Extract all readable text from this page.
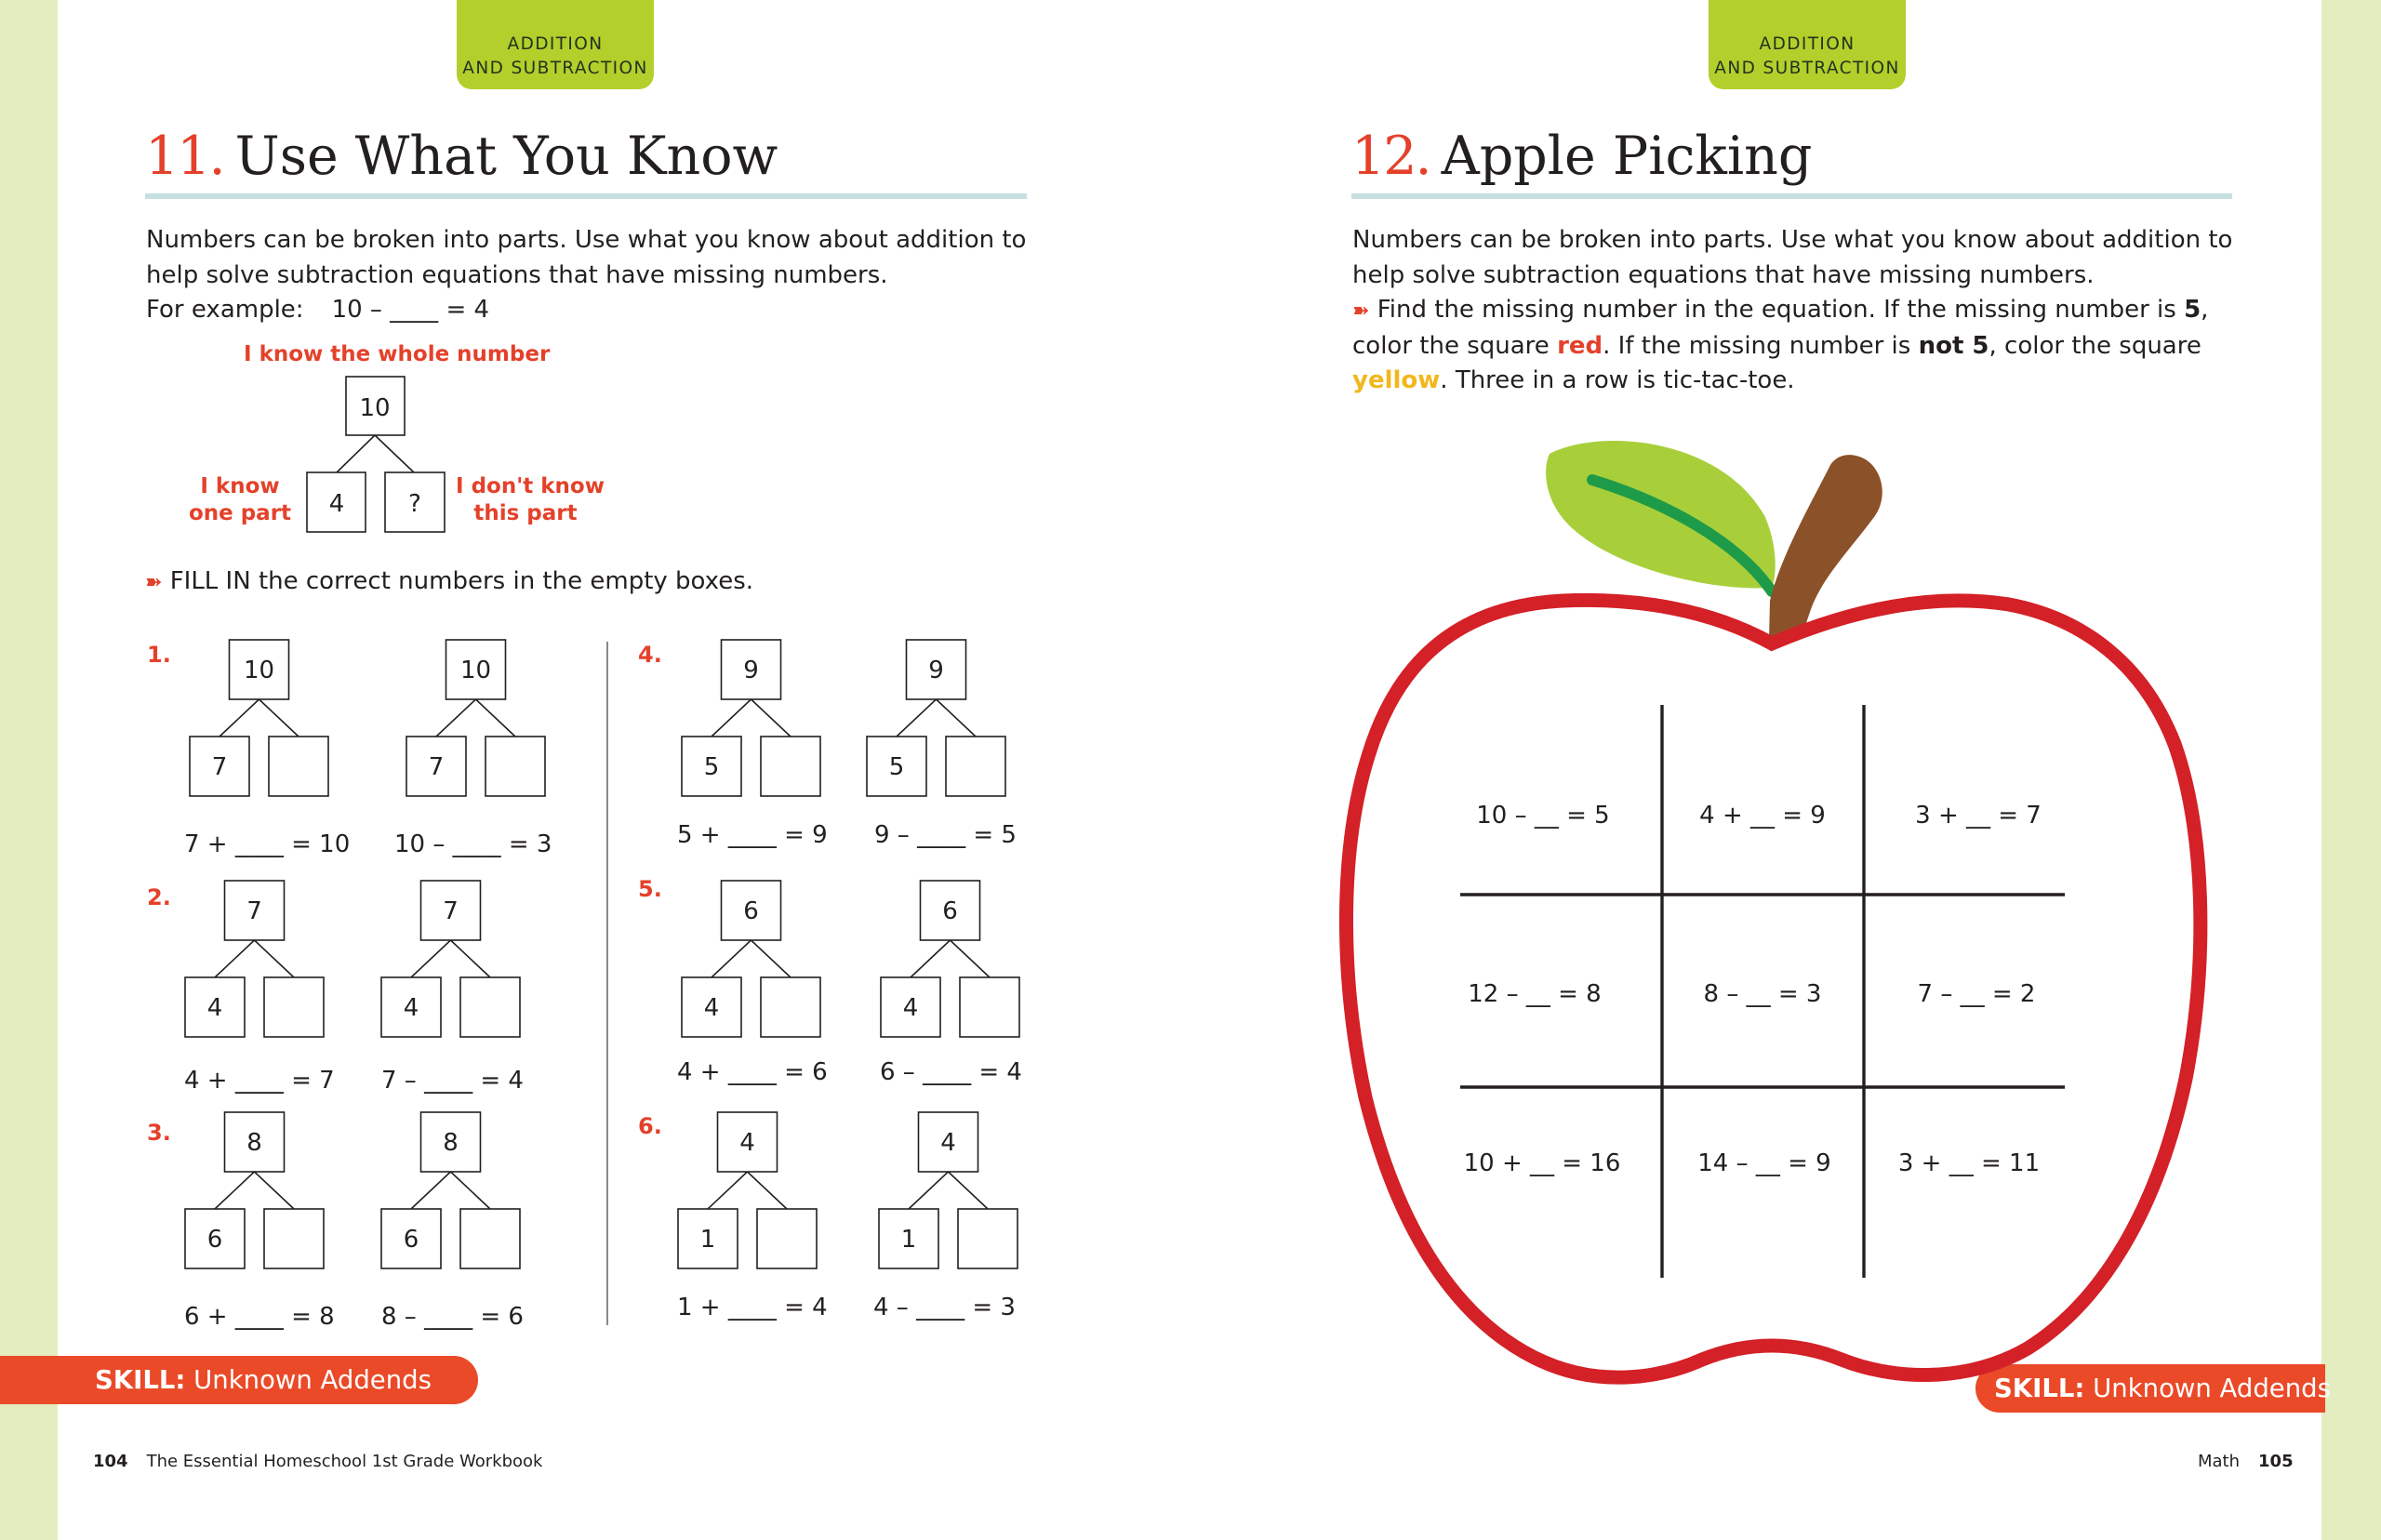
ADDITION
AND SUBTRACTION
11. Use What You Know
Numbers can be broken into parts. Use what you know about addition to
help solve subtraction equations that have missing numbers.
For example: 10 – ____ = 4
I know the whole number
I know
one part
I don't know
this part
➽ FILL IN the correct numbers in the empty boxes.
1.
2.
3.
4.
5.
6.
7 + ____ = 10 10 – ____ = 3
4 + ____ = 7 7 – ____ = 4
6 + ____ = 8 8 – ____ = 6
5 + ____ = 9 9 – ____ = 5
4 + ____ = 6 6 – ____ = 4
1 + ____ = 4 4 – ____ = 3
SKILL: Unknown Addends	SKILL: Unknown Addends
104 The Essential Homeschool 1st Grade Workbook	Math 105
ADDITION
AND SUBTRACTION
12. Apple Picking
Numbers can be broken into parts. Use what you know about addition to
help solve subtraction equations that have missing numbers.
➽ Find the missing number in the equation. If the missing number is 5,
color the square red. If the missing number is not 5, color the square
yellow. Three in a row is tic-tac-toe.
10
4	?
10
7
10
7
7
4
7
4
8
6
8
6
9
5
9
5
6
4
6
4
4
1
4
1
10 – __ = 5	4 + __ = 9	3 + __ = 7
12 – __ = 8	8 – __ = 3	7 – __ = 2
10 + __ = 16	14 – __ = 9	3 + __ = 11
